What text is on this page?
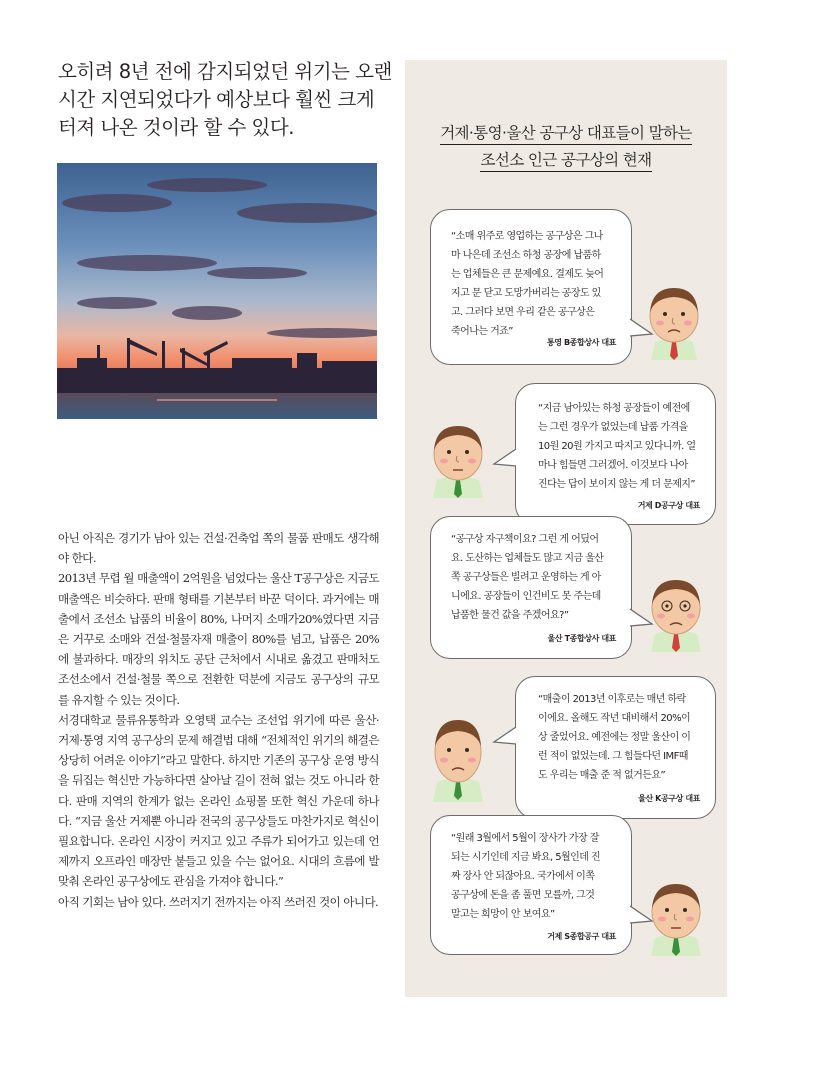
오히려 8년 전에 감지되었던 위기는 오랜
시간 지연되었다가 예상보다 훨씬 크게
터져 나온 것이라 할 수 있다.

아닌 아직은 경기가 남아 있는 건설·건축업 쪽의 물품 판매도 생각해야 한다.

2013년 무렵 월 매출액이 2억원을 넘었다는 울산 T공구상은 지금도 매출액은 비슷하다. 판매 형태를 기본부터 바꾼 덕이다. 과거에는 매출에서 조선소 납품의 비율이 80%, 나머지 소매가20%였다면 지금은 거꾸로 소매와 건설·철물자재 매출이 80%를 넘고, 납품은 20%에 불과하다. 매장의 위치도 공단 근처에서 시내로 옮겼고 판매처도 조선소에서 건설·철물 쪽으로 전환한 덕분에 지금도 공구상의 규모를 유지할 수 있는 것이다.

서경대학교 물류유통학과 오영택 교수는 조선업 위기에 따른 울산·거제·통영 지역 공구상의 문제 해결법 대해 “전체적인 위기의 해결은 상당히 어려운 이야기”라고 말한다. 하지만 기존의 공구상 운영 방식을 뒤집는 혁신만 가능하다면 살아날 길이 전혀 없는 것도 아니라 한다. 판매 지역의 한계가 없는 온라인 쇼핑몰 또한 혁신 가운데 하나다. “지금 울산 거제뿐 아니라 전국의 공구상들도 마찬가지로 혁신이 필요합니다. 온라인 시장이 커지고 있고 주류가 되어가고 있는데 언제까지 오프라인 매장만 붙들고 있을 수는 없어요. 시대의 흐름에 발맞춰 온라인 공구상에도 관심을 가져야 합니다.”

아직 기회는 남아 있다. 쓰러지기 전까지는 아직 쓰러진 것이 아니다.

거제·통영·울산 공구상 대표들이 말하는
조선소 인근 공구상의 현재
“소매 위주로 영업하는 공구상은 그나
마 나은데 조선소 하청 공장에 납품하
는 업체들은 큰 문제예요. 결제도 늦어
지고 문 닫고 도망가버리는 공장도 있
고. 그러다 보면 우리 같은 공구상은
죽어나는 거죠”
통영 B종합상사 대표
“지금 남아있는 하청 공장들이 예전에
는 그런 경우가 없었는데 납품 가격을
10원 20원 가지고 따지고 있다니까. 얼
마나 힘들면 그러겠어. 이것보다 나아
진다는 답이 보이지 않는 게 더 문제지”
거제 D공구상 대표
“공구상 자구책이요? 그런 게 어딨어
요. 도산하는 업체들도 많고 지금 울산
쪽 공구상들은 빌려고 운영하는 게 아
니에요. 공장들이 인건비도 못 주는데
납품한 물건 값을 주겠어요?”
울산 T종합상사 대표
“매출이 2013년 이후로는 매년 하락
이에요. 올해도 작년 대비해서 20%이
상 줄었어요. 예전에는 정말 울산이 이
런 적이 없었는데. 그 힘들다던 IMF때
도 우리는 매출 준 적 없거든요”
울산 K공구상 대표
“원래 3월에서 5월이 장사가 가장 잘
되는 시기인데 지금 봐요, 5월인데 진
짜 장사 안 되잖아요. 국가에서 이쪽
공구상에 돈을 좀 풀면 모를까, 그것
말고는 희망이 안 보여요”
거제 S종합공구 대표
